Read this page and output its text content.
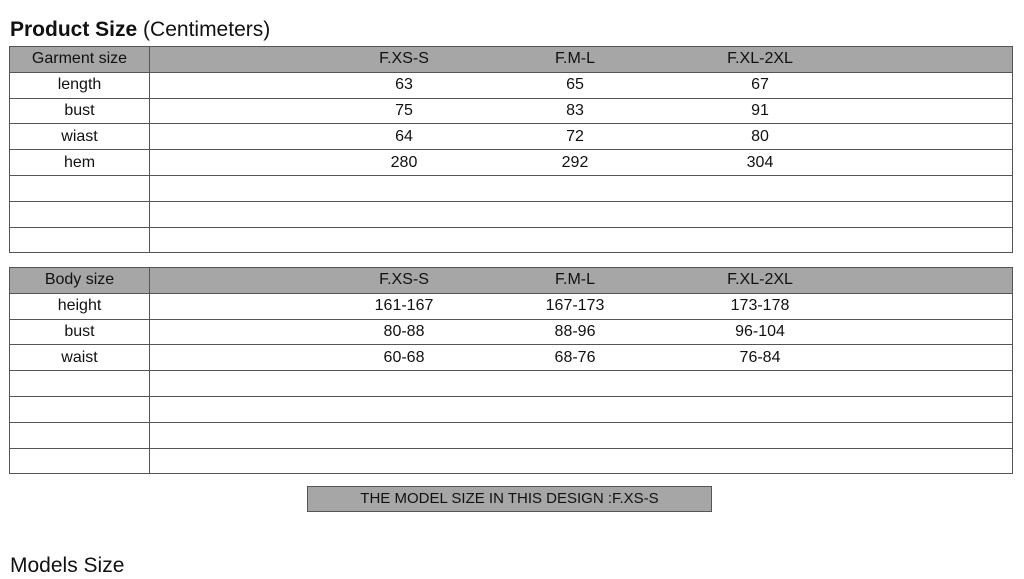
Product Size (Centimeters)
Garment size	F.XS-S F.M-L F.XL-2XL

length	63 65 67

bust	75 83 91

wiast	64 72 80

hem	280 292 304

Body size	F.XS-S F.M-L F.XL-2XL

height	161-167 167-173 173-178

bust	80-88 88-96 96-104

waist	60-68 68-76 76-84

THE MODEL SIZE IN THIS DESIGN :F.XS-S
Models Size
